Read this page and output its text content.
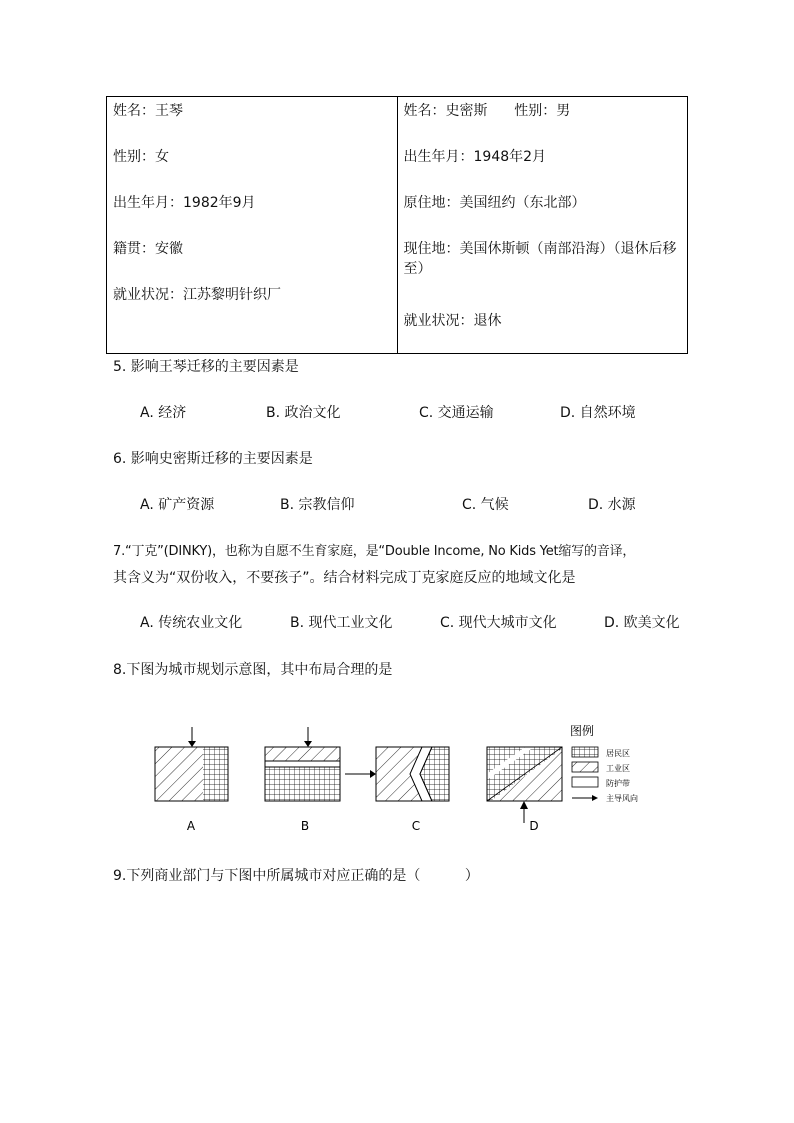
姓名：王琴
性别：女
出生年月：1982年9月
籍贯：安徽
就业状况：江苏黎明针织厂

姓名：史密斯      性别：男
出生年月：1948年2月
原住地：美国纽约（东北部）
现住地：美国休斯顿（南部沿海）（退休后移至）
就业状况：退休
5. 影响王琴迁移的主要因素是
A. 经济	B. 政治文化	C. 交通运输	D. 自然环境
6. 影响史密斯迁移的主要因素是
A. 矿产资源	B. 宗教信仰	C. 气候	D. 水源
7.“丁克”(DINKY)，也称为自愿不生育家庭，是“Double Income, No Kids Yet缩写的音译，
其含义为“双份收入，不要孩子”。结合材料完成丁克家庭反应的地域文化是
A. 传统农业文化	B. 现代工业文化	C. 现代大城市文化	D. 欧美文化
8.下图为城市规划示意图，其中布局合理的是
A	B	C	D
图例
居民区
工业区
防护带
主导风向
9.下列商业部门与下图中所属城市对应正确的是（          ）
